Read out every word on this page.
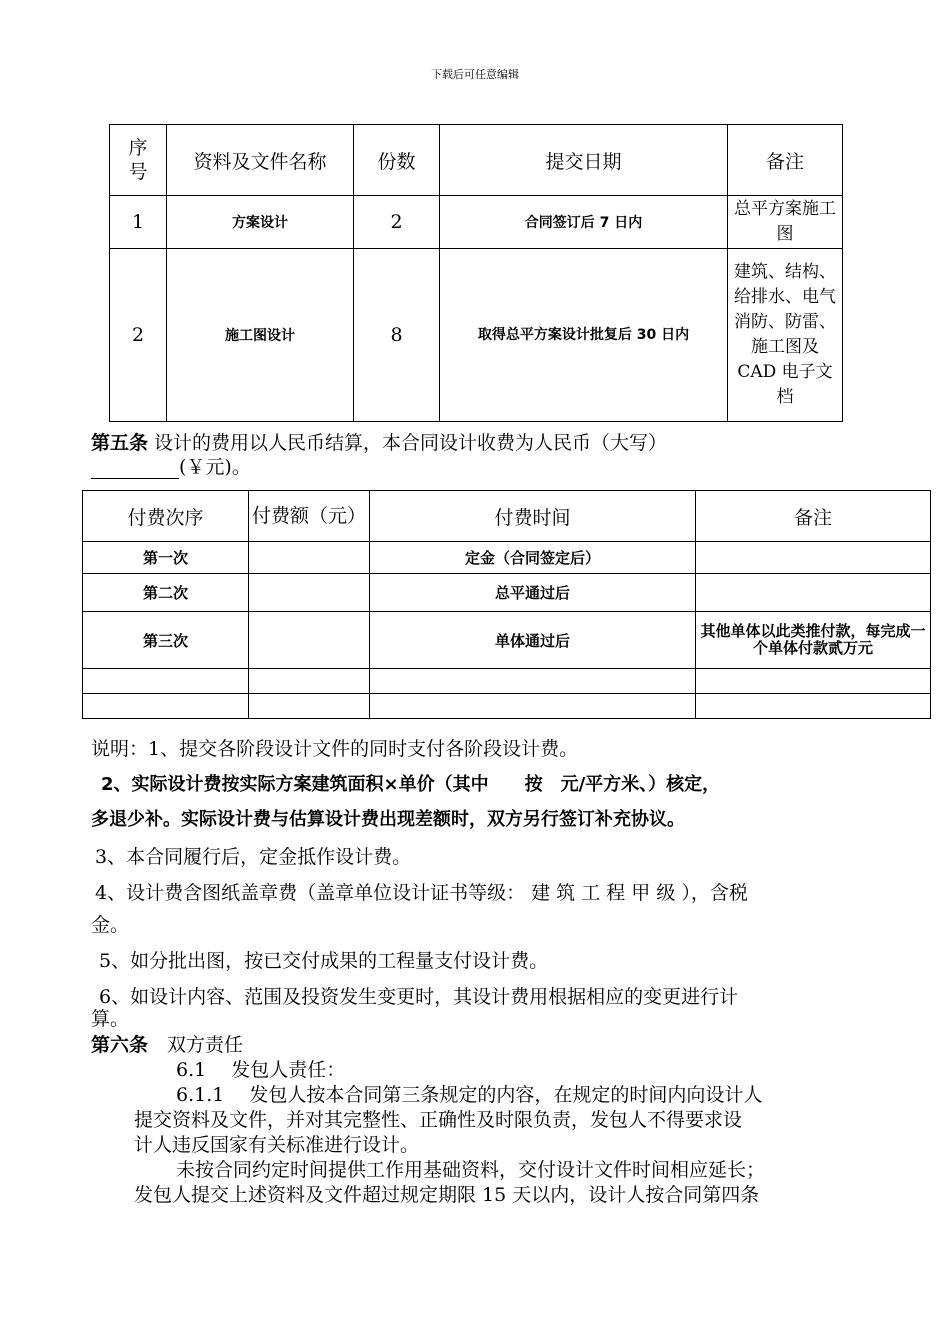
下载后可任意编辑
序号	资料及文件名称	份数	提交日期	备注
1	方案设计	2	合同签订后 7 日内	总平方案施工图
2	施工图设计	8	取得总平方案设计批复后 30 日内	建筑、结构、给排水、电气消防、防雷、施工图及 CAD 电子文档
第五条 设计的费用以人民币结算，本合同设计收费为人民币（大写）
(￥元)。
付费次序	付费额（元）	付费时间	备注
第一次		定金（合同签定后）	
第二次		总平通过后	
第三次		单体通过后	其他单体以此类推付款，每完成一个单体付款贰万元

说明：1、提交各阶段设计文件的同时支付各阶段设计费。
2、实际设计费按实际方案建筑面积×单价（其中　　按　元/平方米、）核定，
多退少补。实际设计费与估算设计费出现差额时，双方另行签订补充协议。
3、本合同履行后，定金抵作设计费。
4、设计费含图纸盖章费（盖章单位设计证书等级： 建 筑 工 程 甲 级 ），含税
金。
5、如分批出图，按已交付成果的工程量支付设计费。
6、如设计内容、范围及投资发生变更时，其设计费用根据相应的变更进行计
算。
第六条　双方责任
6.1　 发包人责任：
6.1.1　 发包人按本合同第三条规定的内容，在规定的时间内向设计人
提交资料及文件，并对其完整性、正确性及时限负责，发包人不得要求设
计人违反国家有关标准进行设计。
未按合同约定时间提供工作用基础资料，交付设计文件时间相应延长；
发包人提交上述资料及文件超过规定期限 15 天以内，设计人按合同第四条
